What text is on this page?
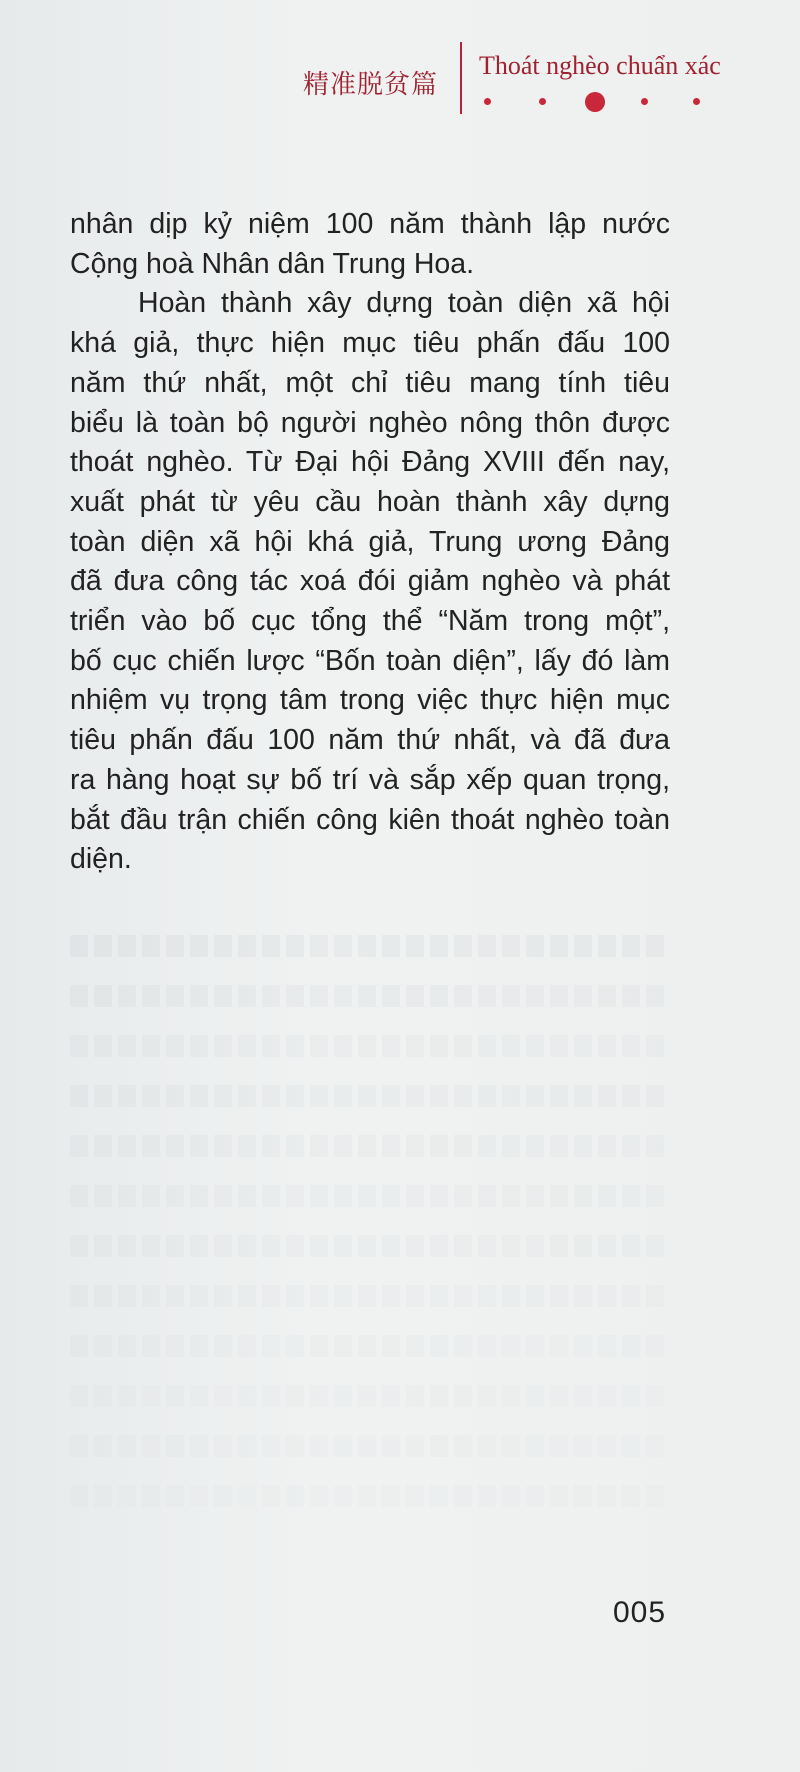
精准脱贫篇
Thoát nghèo chuẩn xác

nhân dịp kỷ niệm 100 năm thành lập nước
Cộng hoà Nhân dân Trung Hoa.

Hoàn thành xây dựng toàn diện xã hội
khá giả, thực hiện mục tiêu phấn đấu 100
năm thứ nhất, một chỉ tiêu mang tính tiêu
biểu là toàn bộ người nghèo nông thôn được
thoát nghèo. Từ Đại hội Đảng XVIII đến nay,
xuất phát từ yêu cầu hoàn thành xây dựng
toàn diện xã hội khá giả, Trung ương Đảng
đã đưa công tác xoá đói giảm nghèo và phát
triển vào bố cục tổng thể “Năm trong một”,
bố cục chiến lược “Bốn toàn diện”, lấy đó làm
nhiệm vụ trọng tâm trong việc thực hiện mục
tiêu phấn đấu 100 năm thứ nhất, và đã đưa
ra hàng hoạt sự bố trí và sắp xếp quan trọng,
bắt đầu trận chiến công kiên thoát nghèo toàn
diện.

005
